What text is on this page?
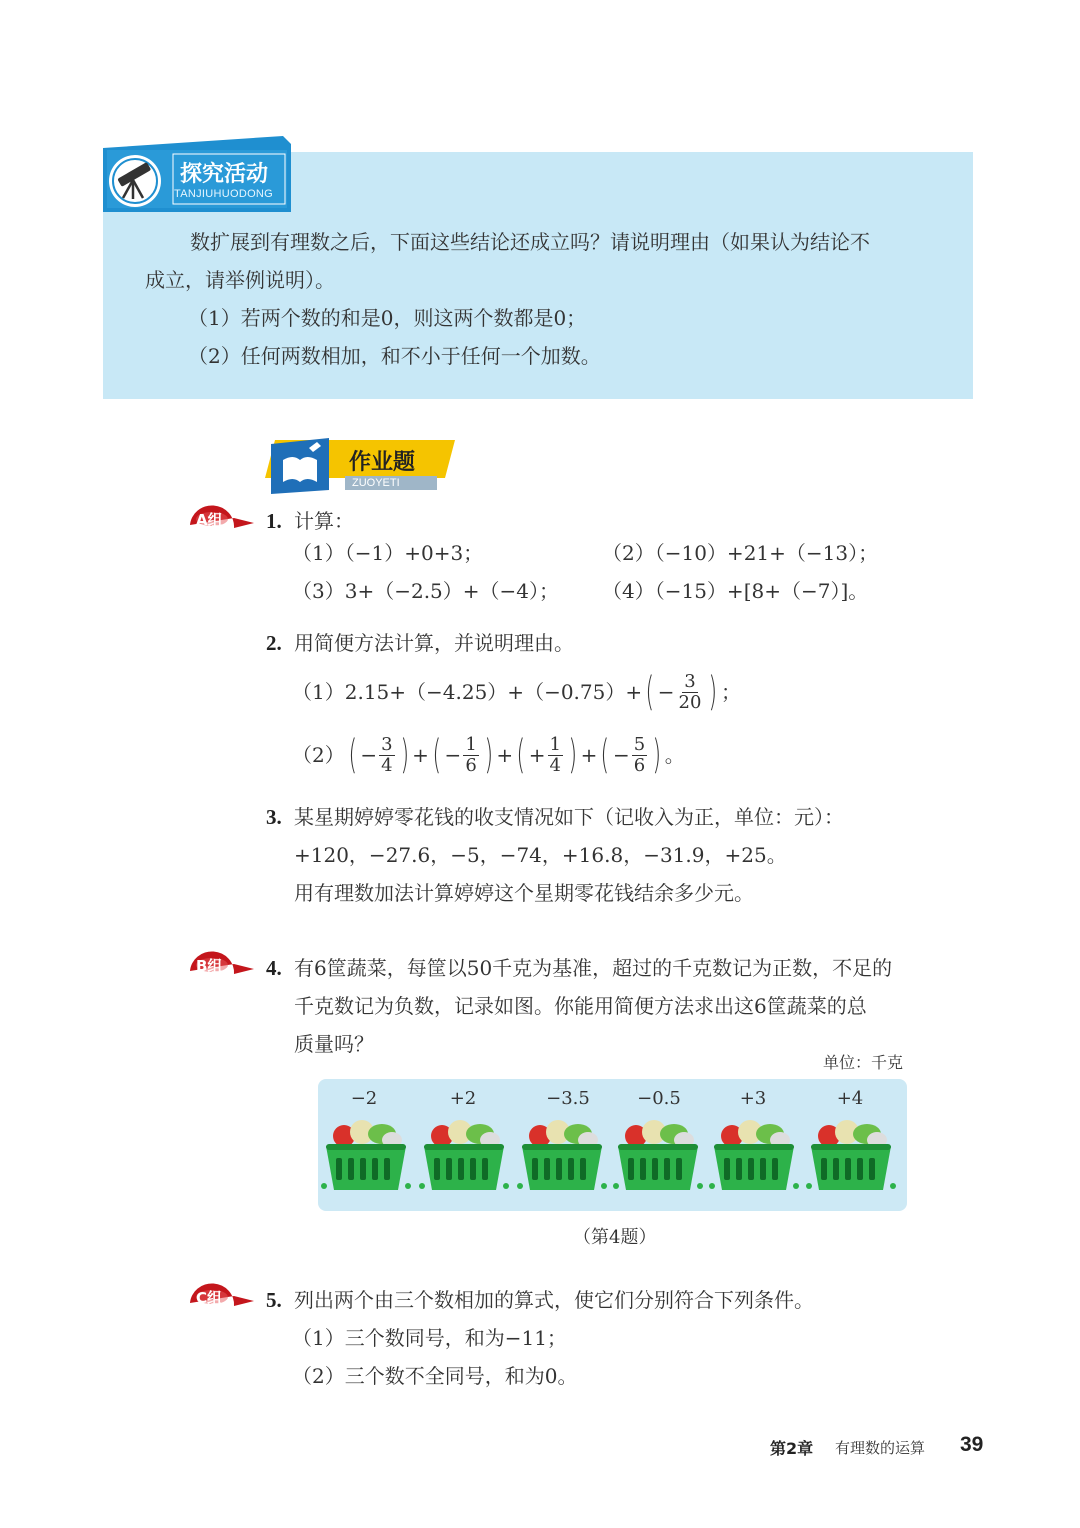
探究活动
TANJIUHUODONG
数扩展到有理数之后，下面这些结论还成立吗？请说明理由（如果认为结论不
成立，请举例说明）。
（1）若两个数的和是0，则这两个数都是0；
（2）任何两数相加，和不小于任何一个加数。
作业题
ZUOYETI
A组 1. 计算：
（1）（−1）+0+3；	（2）（−10）+21+（−13）；
（3）3+（−2.5）+（−4）； （4）（−15）+[8+（−7）]。
2. 用简便方法计算，并说明理由。
（1） 2.15+（−4.25）+（−0.75）+ ( − $\frac{3}{20}$ ) ；
（2） ( − $\frac{3}{4}$ ) + ( − $\frac{1}{6}$ ) + ( + $\frac{1}{4}$ ) + ( − $\frac{5}{6}$ ) 。
3. 某星期婷婷零花钱的收支情况如下（记收入为正，单位：元）：
+120，−27.6，−5，−74，+16.8，−31.9，+25。
用有理数加法计算婷婷这个星期零花钱结余多少元。
B组 4. 有6筐蔬菜，每筐以50千克为基准，超过的千克数记为正数，不足的
千克数记为负数，记录如图。你能用简便方法求出这6筐蔬菜的总
质量吗？
单位：千克
−2	+2	−3.5	−0.5	+3	+4
（第4题）
C组 5. 列出两个由三个数相加的算式，使它们分别符合下列条件。
（1）三个数同号，和为−11；
（2）三个数不全同号，和为0。
第2章 有理数的运算 39
